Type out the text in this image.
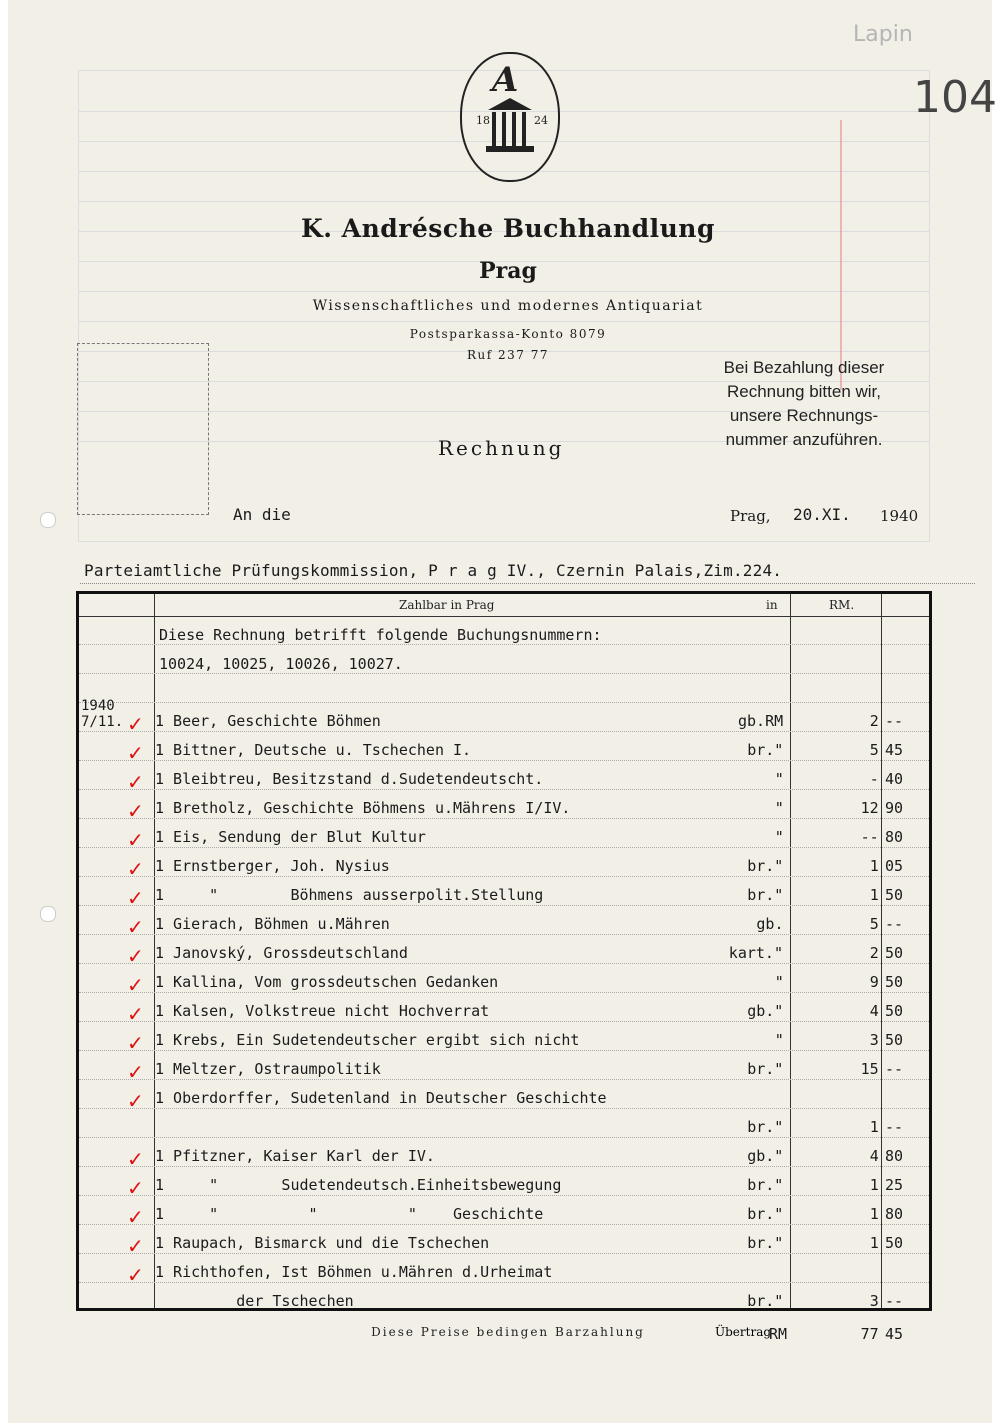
Lapin
104
A
18	24
K. Andrésche Buchhandlung
Prag
Wissenschaftliches und modernes Antiquariat
Postsparkassa-Konto 8079
Ruf 237 77
Bei Bezahlung dieser
Rechnung bitten wir,
unsere Rechnungs-
nummer anzuführen.
Rechnung
An die	Prag, 20.XI. 1940
Parteiamtliche Prüfungskommission, P r a g IV., Czernin Palais,Zim.224.
Zahlbar in Prag	in	RM.
Diese Rechnung betrifft folgende Buchungsnummern:
10024, 10025, 10026, 10027.
1940
7/11. 1 Beer, Geschichte Böhmen	gb.RM	2 --
✓
1 Bittner, Deutsche u. Tschechen I.	br."	5 45
✓
1 Bleibtreu, Besitzstand d.Sudetendeutscht.	"	- 40
✓
1 Bretholz, Geschichte Böhmens u.Mährens I/IV.	"	12 90
✓
1 Eis, Sendung der Blut Kultur	"	-- 80
✓
1 Ernstberger, Joh. Nysius	br."	1 05
✓
1     "        Böhmens ausserpolit.Stellung	br."	1 50
✓
1 Gierach, Böhmen u.Mähren	gb.	5 --
✓
1 Janovský, Grossdeutschland	kart."	2 50
✓
1 Kallina, Vom grossdeutschen Gedanken	"	9 50
✓
1 Kalsen, Volkstreue nicht Hochverrat	gb."	4 50
✓
1 Krebs, Ein Sudetendeutscher ergibt sich nicht	"	3 50
✓
1 Meltzer, Ostraumpolitik	br."	15 --
✓
1 Oberdorffer, Sudetenland in Deutscher Geschichte
✓
br."	1 --
1 Pfitzner, Kaiser Karl der IV.	gb."	4 80
✓
1     "       Sudetendeutsch.Einheitsbewegung	br."	1 25
✓
1     "          "          "    Geschichte	br."	1 80
✓
1 Raupach, Bismarck und die Tschechen	br."	1 50
✓
1 Richthofen, Ist Böhmen u.Mähren d.Urheimat
✓
der Tschechen	br."	3 --
Übertrag
RM	77 45
Diese Preise bedingen Barzahlung
